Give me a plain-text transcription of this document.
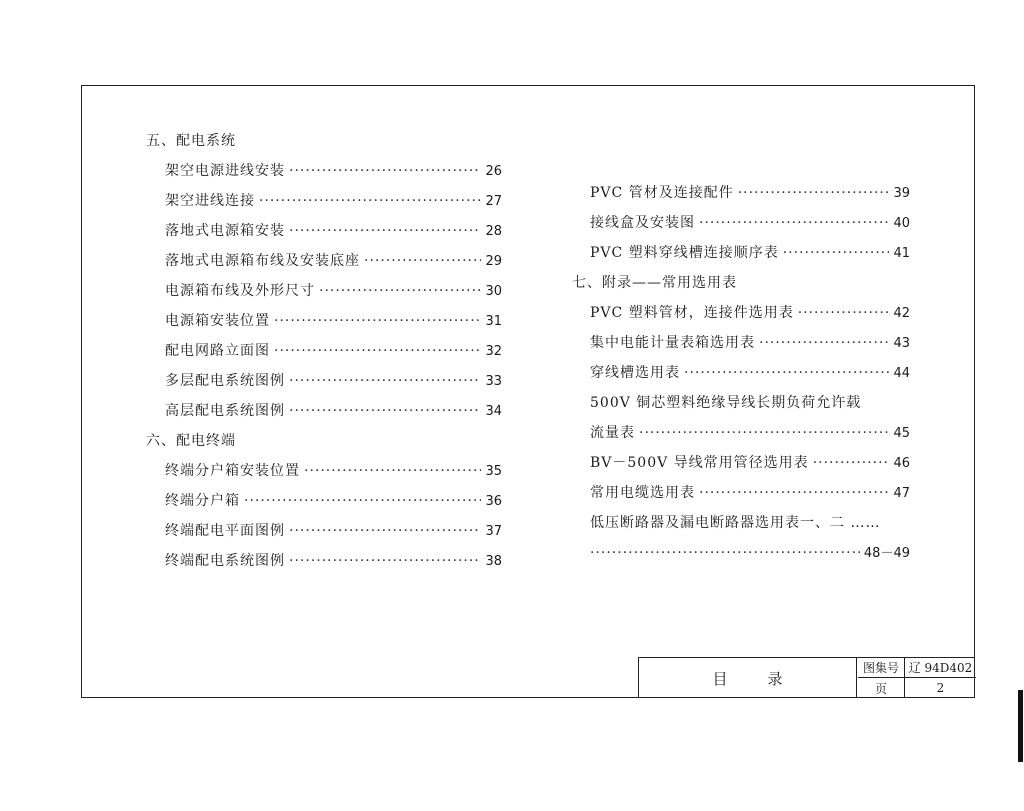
五、配电系统
架空电源进线安装 ·····	26
架空进线连接 ·····	27
落地式电源箱安装 ·····	28
落地式电源箱布线及安装底座 ·····	29
电源箱布线及外形尺寸 ·····	30
电源箱安装位置 ·····	31
配电网路立面图 ·····	32
多层配电系统图例 ·····	33
高层配电系统图例 ·····	34
六、配电终端
终端分户箱安装位置 ·····	35
终端分户箱 ·····	36
终端配电平面图例 ·····	37
终端配电系统图例 ·····	38
PVC 管材及连接配件 ·····	39
接线盒及安装图 ·····	40
PVC 塑料穿线槽连接顺序表 ·····	41
七、附录——常用选用表
PVC 塑料管材，连接件选用表 ·····	42
集中电能计量表箱选用表 ·····	43
穿线槽选用表 ·····	44
500V 铜芯塑料绝缘导线长期负荷允许载
流量表 ·····	45
BV－500V 导线常用管径选用表 ·····	46
常用电缆选用表 ·····	47
低压断路器及漏电断路器选用表一、二 ……
·····
48－49
目录
图集号 辽 94D402
页	2
